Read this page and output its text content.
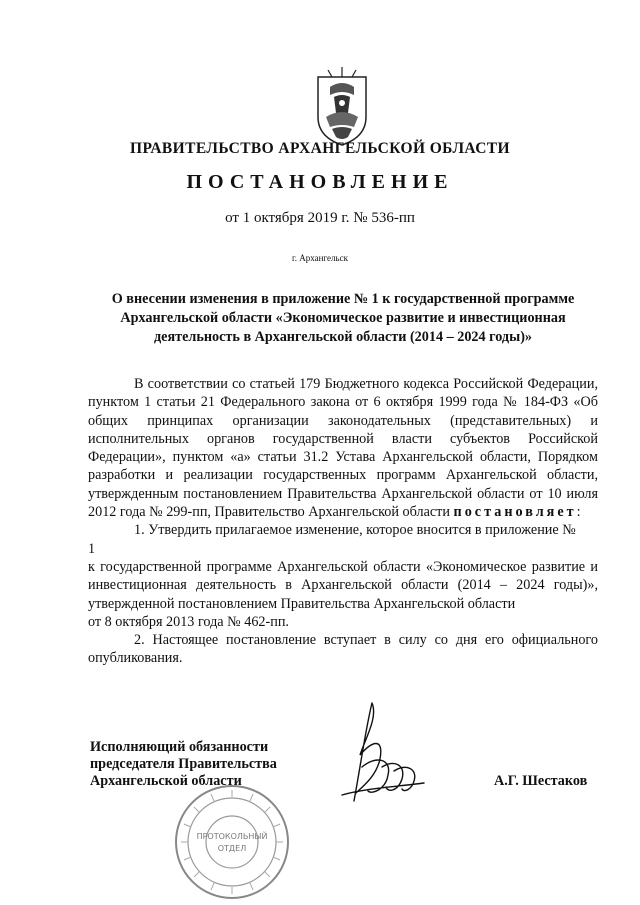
ПРАВИТЕЛЬСТВО АРХАНГЕЛЬСКОЙ ОБЛАСТИ
ПОСТАНОВЛЕНИЕ
от 1 октября 2019 г. № 536-пп
г. Архангельск
О внесении изменения в приложение № 1 к государственной программе
Архангельской области «Экономическое развитие и инвестиционная
деятельность в Архангельской области (2014 – 2024 годы)»

В соответствии со статьей 179 Бюджетного кодекса Российской Федерации, пунктом 1 статьи 21 Федерального закона от 6 октября 1999 года № 184-ФЗ «Об общих принципах организации законодательных (представительных) и исполнительных органов государственной власти субъектов Российской Федерации», пунктом «а» статьи 31.2 Устава Архангельской области, Порядком разработки и реализации государственных программ Архангельской области, утвержденным постановлением Правительства Архангельской области от 10 июля 2012 года № 299-пп, Правительство Архангельской области постановляет:

1. Утвердить прилагаемое изменение, которое вносится в приложение №

1

к государственной программе Архангельской области «Экономическое развитие и инвестиционная деятельность в Архангельской области (2014 – 2024 годы)», утвержденной постановлением Правительства Архангельской области

от 8 октября 2013 года № 462-пп.

2. Настоящее постановление вступает в силу со дня его официального опубликования.

Исполняющий обязанности
председателя Правительства
Архангельской области	А.Г. Шестаков
ПРОТОКОЛЬНЫЙ
ОТДЕЛ
